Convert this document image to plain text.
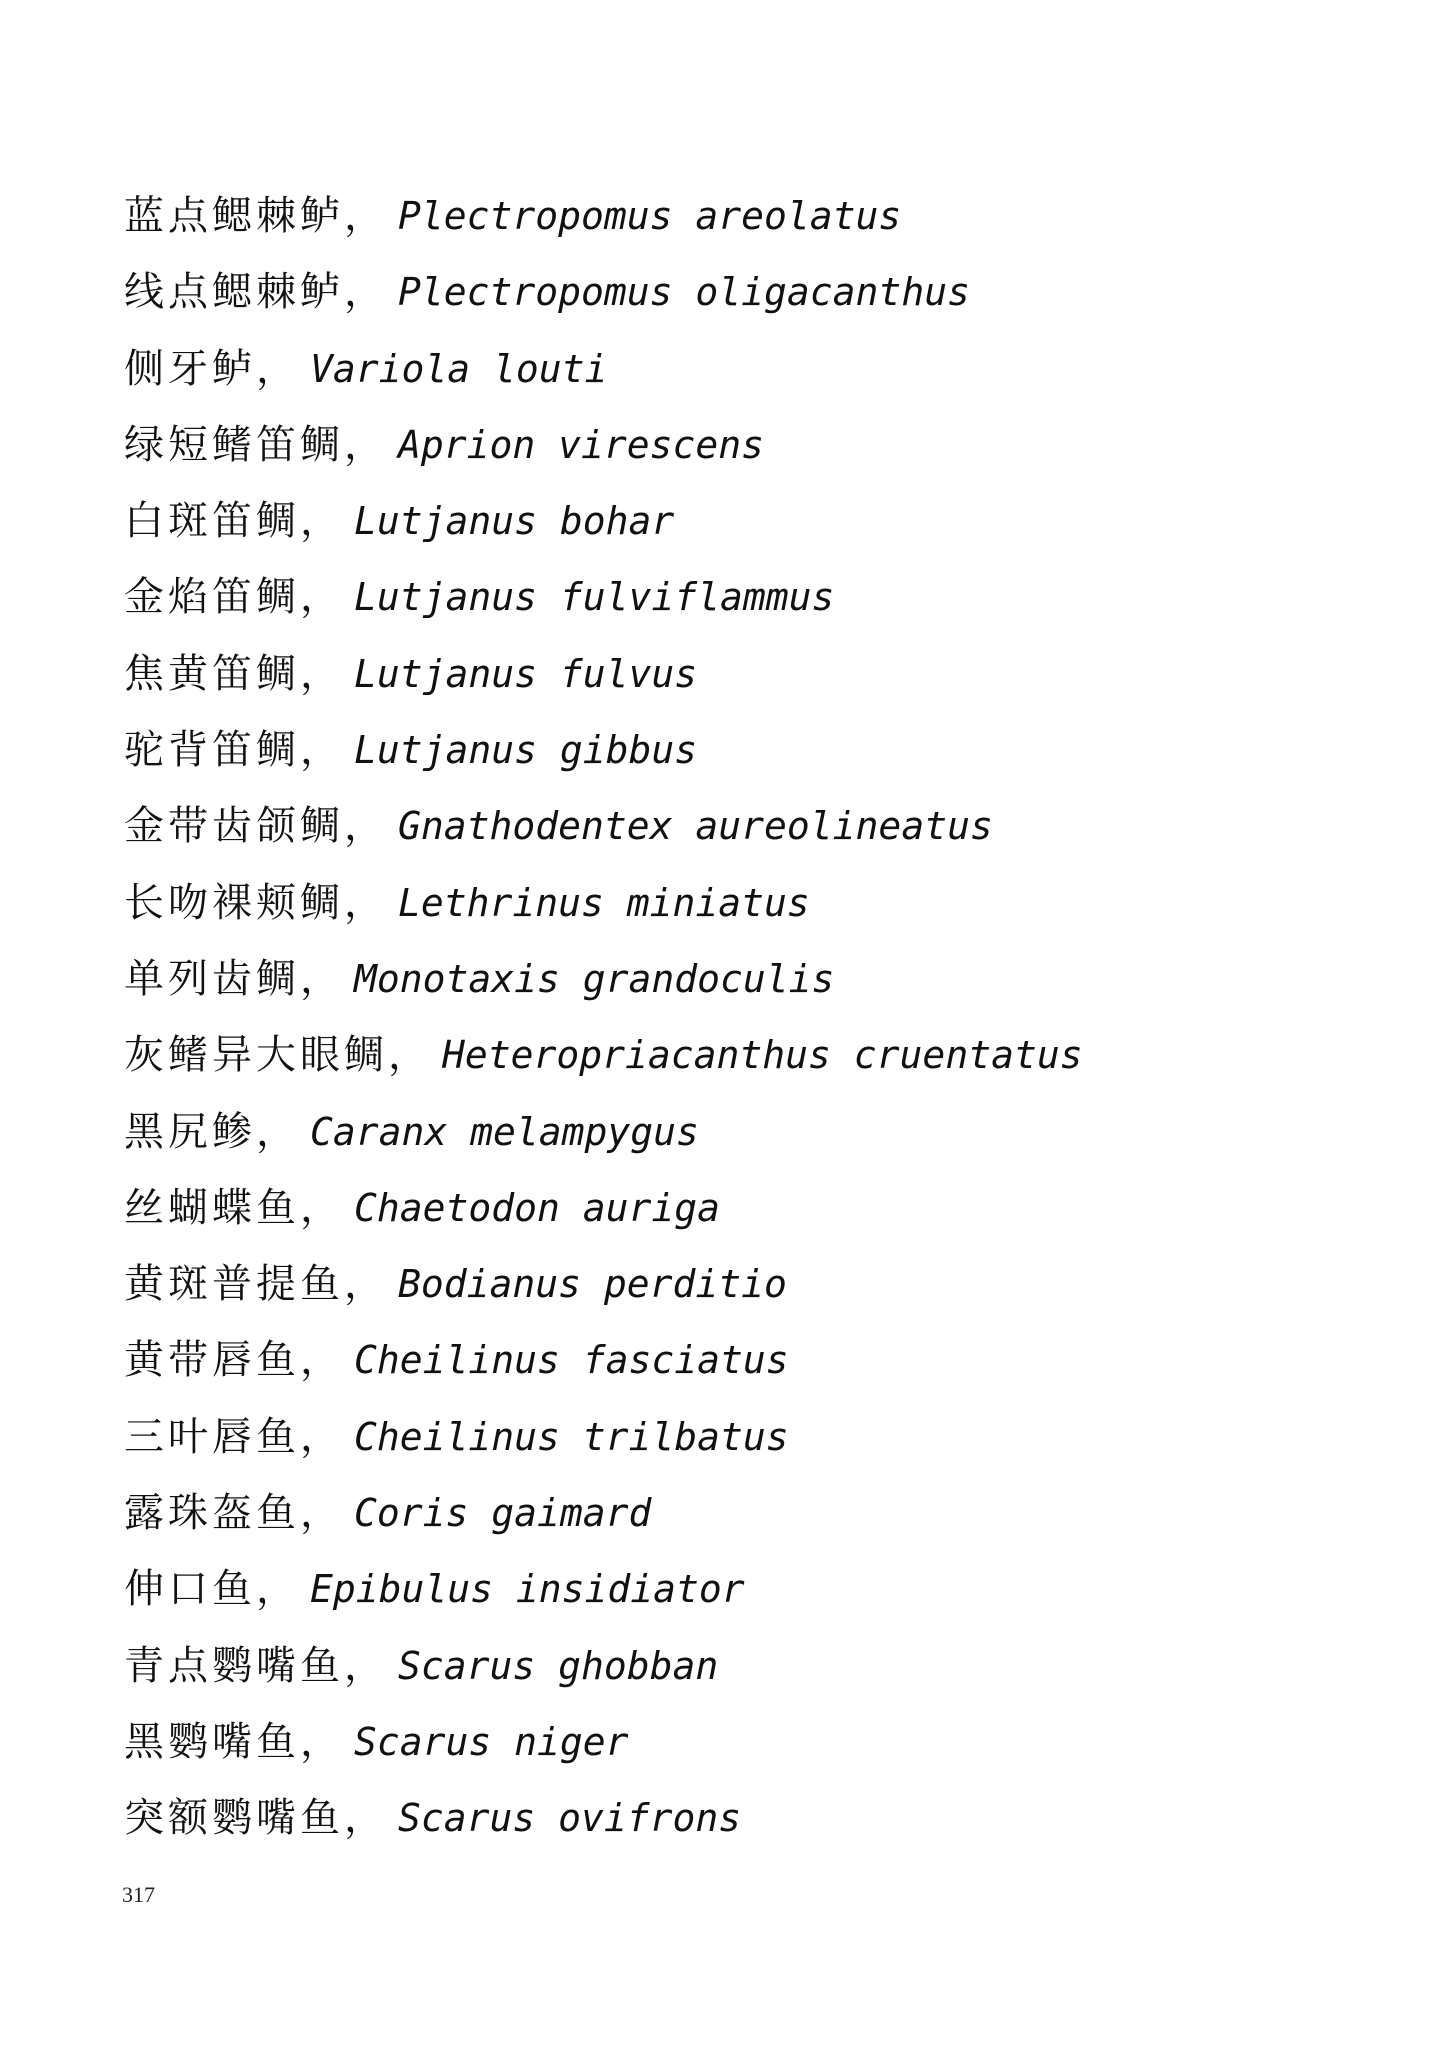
蓝点鳃棘鲈， Plectropomus areolatus
线点鳃棘鲈， Plectropomus oligacanthus
侧牙鲈， Variola louti
绿短鳍笛鲷， Aprion virescens
白斑笛鲷， Lutjanus bohar
金焰笛鲷， Lutjanus fulviflammus
焦黄笛鲷， Lutjanus fulvus
驼背笛鲷， Lutjanus gibbus
金带齿颌鲷， Gnathodentex aureolineatus
长吻裸颊鲷， Lethrinus miniatus
单列齿鲷， Monotaxis grandoculis
灰鳍异大眼鲷， Heteropriacanthus cruentatus
黑尻鲹， Caranx melampygus
丝蝴蝶鱼， Chaetodon auriga
黄斑普提鱼， Bodianus perditio
黄带唇鱼， Cheilinus fasciatus
三叶唇鱼， Cheilinus trilbatus
露珠盔鱼， Coris gaimard
伸口鱼， Epibulus insidiator
青点鹦嘴鱼， Scarus ghobban
黑鹦嘴鱼， Scarus niger
突额鹦嘴鱼， Scarus ovifrons
317
